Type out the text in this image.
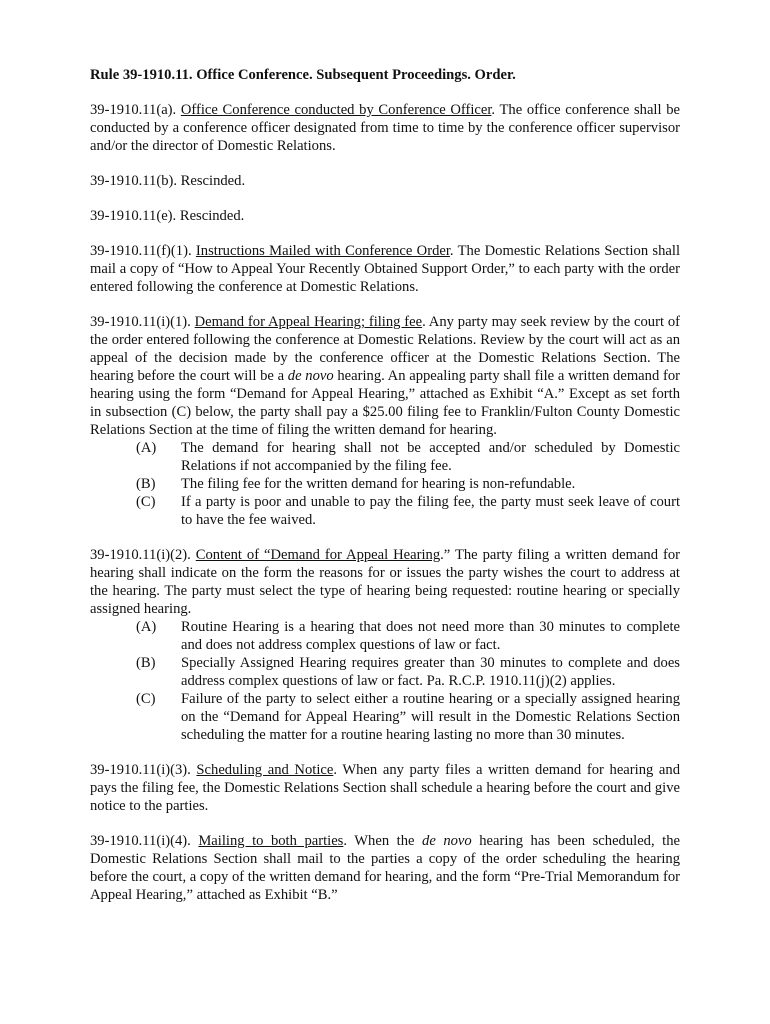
Rule 39-1910.11. Office Conference. Subsequent Proceedings. Order.
39-1910.11(a). Office Conference conducted by Conference Officer. The office conference shall be conducted by a conference officer designated from time to time by the conference officer supervisor and/or the director of Domestic Relations.
39-1910.11(b). Rescinded.
39-1910.11(e). Rescinded.
39-1910.11(f)(1). Instructions Mailed with Conference Order. The Domestic Relations Section shall mail a copy of “How to Appeal Your Recently Obtained Support Order,” to each party with the order entered following the conference at Domestic Relations.
39-1910.11(i)(1). Demand for Appeal Hearing; filing fee. Any party may seek review by the court of the order entered following the conference at Domestic Relations. Review by the court will act as an appeal of the decision made by the conference officer at the Domestic Relations Section. The hearing before the court will be a de novo hearing. An appealing party shall file a written demand for hearing using the form “Demand for Appeal Hearing,” attached as Exhibit “A.” Except as set forth in subsection (C) below, the party shall pay a $25.00 filing fee to Franklin/Fulton County Domestic Relations Section at the time of filing the written demand for hearing.
(A)	The demand for hearing shall not be accepted and/or scheduled by Domestic Relations if not accompanied by the filing fee.
(B)	The filing fee for the written demand for hearing is non-refundable.
(C)	If a party is poor and unable to pay the filing fee, the party must seek leave of court to have the fee waived.
39-1910.11(i)(2). Content of “Demand for Appeal Hearing.” The party filing a written demand for hearing shall indicate on the form the reasons for or issues the party wishes the court to address at the hearing. The party must select the type of hearing being requested: routine hearing or specially assigned hearing.
(A)	Routine Hearing is a hearing that does not need more than 30 minutes to complete and does not address complex questions of law or fact.
(B)	Specially Assigned Hearing requires greater than 30 minutes to complete and does address complex questions of law or fact. Pa. R.C.P. 1910.11(j)(2) applies.
(C)	Failure of the party to select either a routine hearing or a specially assigned hearing on the “Demand for Appeal Hearing” will result in the Domestic Relations Section scheduling the matter for a routine hearing lasting no more than 30 minutes.
39-1910.11(i)(3). Scheduling and Notice. When any party files a written demand for hearing and pays the filing fee, the Domestic Relations Section shall schedule a hearing before the court and give notice to the parties.
39-1910.11(i)(4). Mailing to both parties. When the de novo hearing has been scheduled, the Domestic Relations Section shall mail to the parties a copy of the order scheduling the hearing before the court, a copy of the written demand for hearing, and the form “Pre-Trial Memorandum for Appeal Hearing,” attached as Exhibit “B.”
